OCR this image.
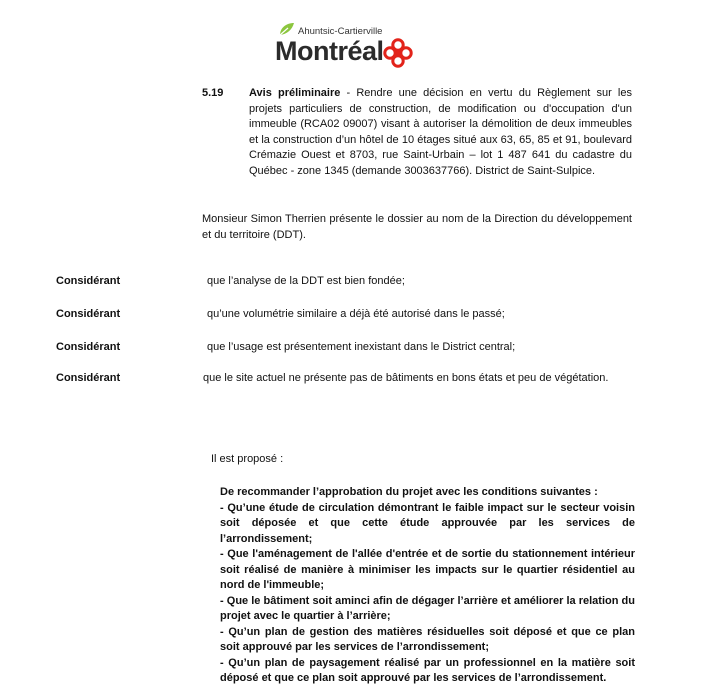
Ahuntsic-Cartierville
Montréal
5.19 Avis préliminaire - Rendre une décision en vertu du Règlement sur les projets particuliers de construction, de modification ou d'occupation d'un immeuble (RCA02 09007) visant à autoriser la démolition de deux immeubles et la construction d’un hôtel de 10 étages situé aux 63, 65, 85 et 91, boulevard Crémazie Ouest et 8703, rue Saint-Urbain – lot 1 487 641 du cadastre du Québec - zone 1345 (demande 3003637766). District de Saint-Sulpice.
Monsieur Simon Therrien présente le dossier au nom de la Direction du développement et du territoire (DDT).
Considérant	que l’analyse de la DDT est bien fondée;
Considérant	qu’une volumétrie similaire a déjà été autorisé dans le passé;
Considérant	que l’usage est présentement inexistant dans le District central;
Considérant	que le site actuel ne présente pas de bâtiments en bons états et peu de végétation.
Il est proposé :

De recommander l’approbation du projet avec les conditions suivantes :

- Qu’une étude de circulation démontrant le faible impact sur le secteur voisin soit déposée et que cette étude approuvée par les services de l’arrondissement;

- Que l'aménagement de l'allée d'entrée et de sortie du stationnement intérieur soit réalisé de manière à minimiser les impacts sur le quartier résidentiel au nord de l'immeuble;

- Que le bâtiment soit aminci afin de dégager l’arrière et améliorer la relation du projet avec le quartier à l’arrière;

- Qu’un plan de gestion des matières résiduelles soit déposé et que ce plan soit approuvé par les services de l’arrondissement;

- Qu’un plan de paysagement réalisé par un professionnel en la matière soit déposé et que ce plan soit approuvé par les services de l’arrondissement.
